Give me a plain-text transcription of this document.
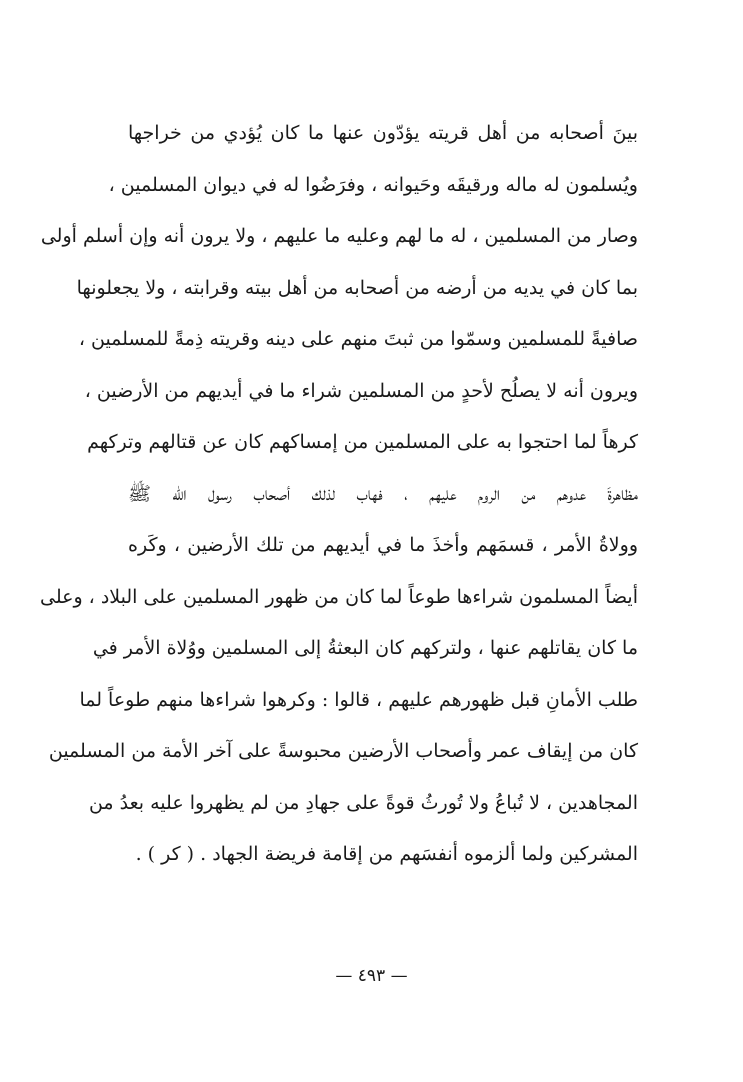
بينَ أصحابه من أهل قريته يؤدّون عنها ما كان يُؤدي من خراجها
ويُسلمون له ماله ورقيقَه وحَيوانه ، وفرَضُوا له في ديوان المسلمين ،
وصار من المسلمين ، له ما لهم وعليه ما عليهم ، ولا يرون أنه وإن أسلم أولى
بما كان في يديه من أرضه من أصحابه من أهل بيته وقرابته ، ولا يجعلونها
صافيةً للمسلمين وسمّوا من ثبتَ منهم على دينه وقريته ذِمةً للمسلمين ،
ويرون أنه لا يصلُح لأحدٍ من المسلمين شراء ما في أيديهم من الأرضين ،
كرهاً لما احتجوا به على المسلمين من إمساكهم كان عن قتالهم وتركهم
مظاهرةَ عدوهم من الروم عليهم ، فهاب لذلك أصحاب رسول الله ﷺ
وولاةُ الأمر ، قسمَهم وأخذَ ما في أيديهم من تلك الأرضين ، وكَره
أيضاً المسلمون شراءها طوعاً لما كان من ظهور المسلمين على البلاد ، وعلى
ما كان يقاتلهم عنها ، ولتركهم كان البعثةُ إلى المسلمين ووُلاة الأمر في
طلب الأمانِ قبل ظهورهم عليهم ، قالوا : وكرهوا شراءها منهم طوعاً لما
كان من إيقاف عمر وأصحاب الأرضين محبوسةً على آخر الأمة من المسلمين
المجاهدين ، لا تُباعُ ولا تُورثُ قوةً على جهادِ من لم يظهروا عليه بعدُ من
المشركين ولما ألزموه أنفسَهم من إقامة فريضة الجهاد . ( كر ) .
— ٤٩٣ —
